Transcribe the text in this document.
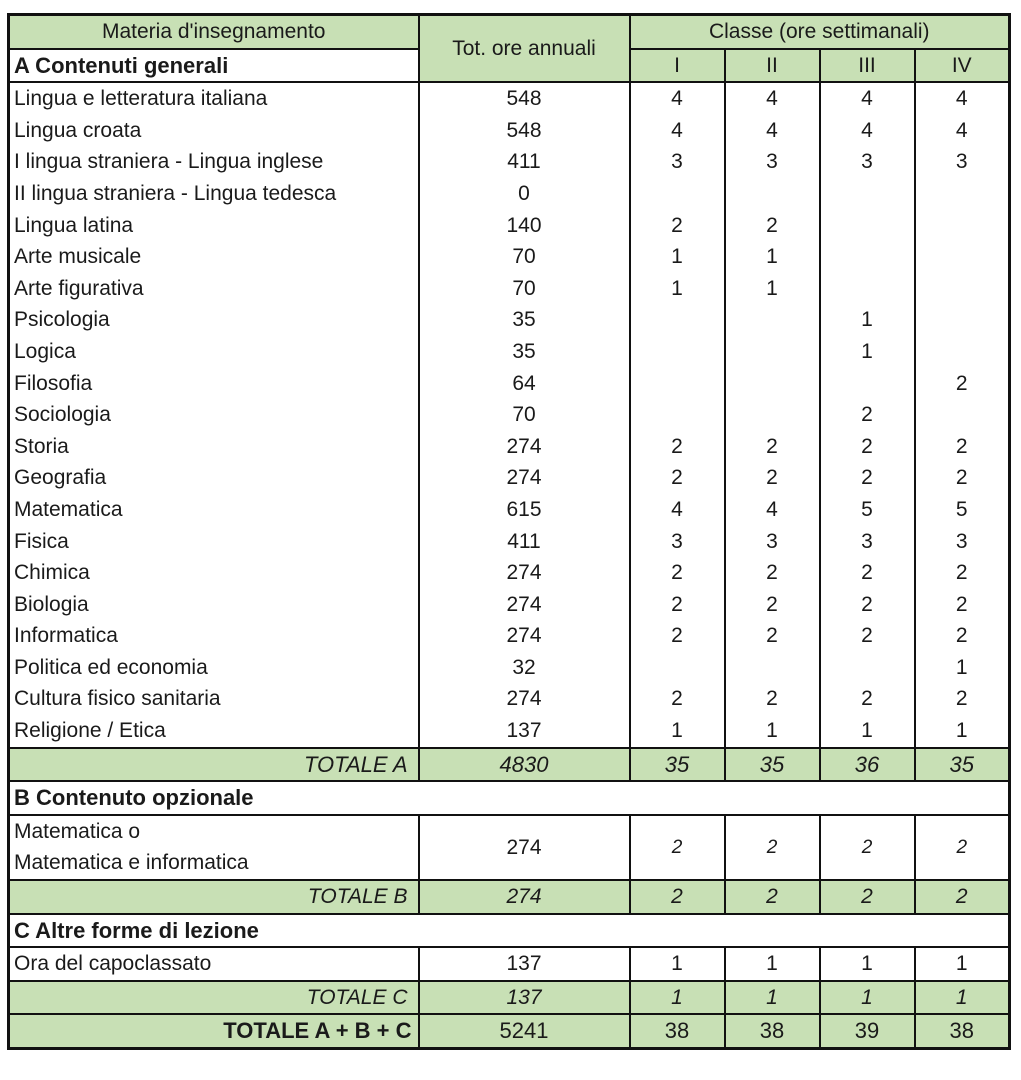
Materia d'insegnamento	Tot. ore annuali	Classe (ore settimanali)			
A Contenuti generali		I	II	III	IV
Lingua e letteratura italiana	548	4	4	4	4
Lingua croata	548	4	4	4	4
I lingua straniera - Lingua inglese	411	3	3	3	3
II lingua straniera - Lingua tedesca	0				
Lingua latina	140	2	2		
Arte musicale	70	1	1		
Arte figurativa	70	1	1		
Psicologia	35			1	
Logica	35			1	
Filosofia	64				2
Sociologia	70			2	
Storia	274	2	2	2	2
Geografia	274	2	2	2	2
Matematica	615	4	4	5	5
Fisica	411	3	3	3	3
Chimica	274	2	2	2	2
Biologia	274	2	2	2	2
Informatica	274	2	2	2	2
Politica ed economia	32				1
Cultura fisico sanitaria	274	2	2	2	2
Religione / Etica	137	1	1	1	1
TOTALE A	4830	35	35	36	35
B Contenuto opzionale					

Matematica o
Matematica e informatica	274	2	2	2	2
TOTALE B	274	2	2	2	2
C Altre forme di lezione					
Ora del capoclassato	137	1	1	1	1
TOTALE C	137	1	1	1	1
TOTALE A + B + C	5241	38	38	39	38
